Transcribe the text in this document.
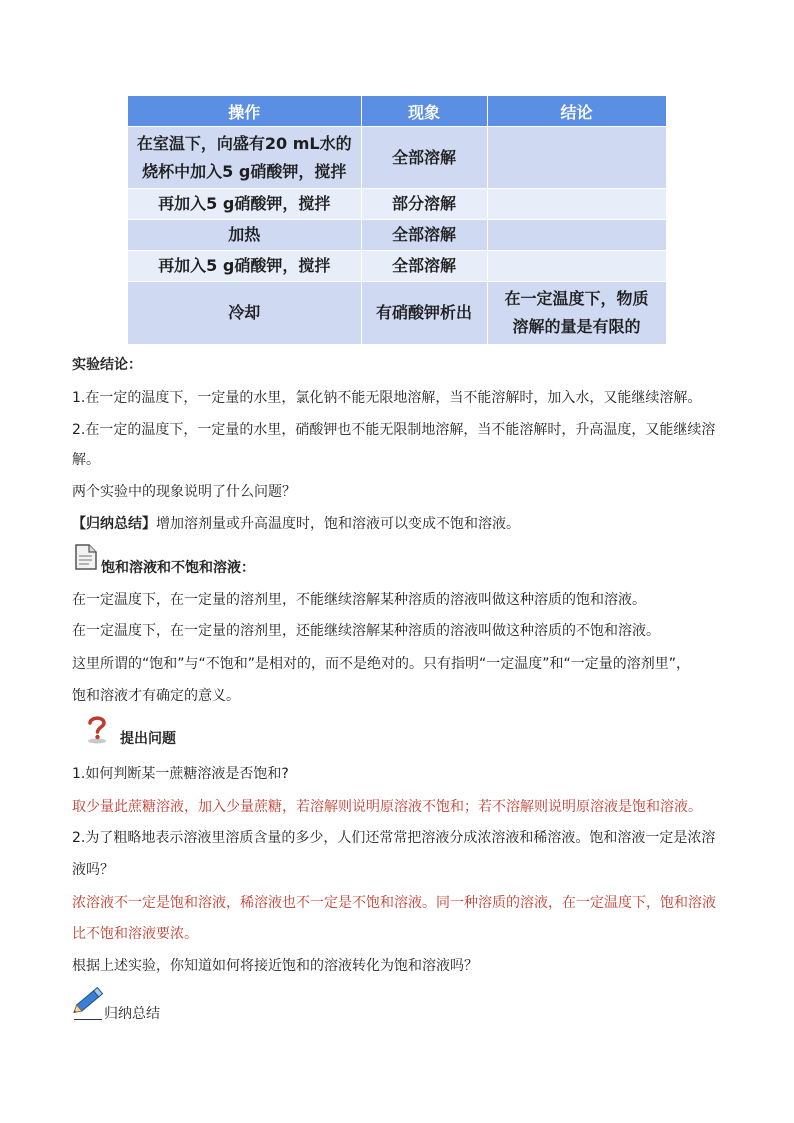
操作	现象	结论
在室温下，向盛有20 mL水的
烧杯中加入5 g硝酸钾，搅拌	全部溶解	
再加入5 g硝酸钾，搅拌	部分溶解	
加热	全部溶解	
再加入5 g硝酸钾，搅拌	全部溶解	
冷却	有硝酸钾析出	在一定温度下，物质
溶解的量是有限的
实验结论：
1.在一定的温度下，一定量的水里，氯化钠不能无限地溶解，当不能溶解时，加入水，又能继续溶解。
2.在一定的温度下，一定量的水里，硝酸钾也不能无限制地溶解，当不能溶解时，升高温度，又能继续溶
解。
两个实验中的现象说明了什么问题？
【归纳总结】增加溶剂量或升高温度时，饱和溶液可以变成不饱和溶液。
饱和溶液和不饱和溶液：
在一定温度下，在一定量的溶剂里，不能继续溶解某种溶质的溶液叫做这种溶质的饱和溶液。
在一定温度下，在一定量的溶剂里，还能继续溶解某种溶质的溶液叫做这种溶质的不饱和溶液。
这里所谓的“饱和”与“不饱和”是相对的，而不是绝对的。只有指明“一定温度”和“一定量的溶剂里”，
饱和溶液才有确定的意义。
提出问题
1.如何判断某一蔗糖溶液是否饱和?
取少量此蔗糖溶液，加入少量蔗糖，若溶解则说明原溶液不饱和；若不溶解则说明原溶液是饱和溶液。
2.为了粗略地表示溶液里溶质含量的多少，人们还常常把溶液分成浓溶液和稀溶液。饱和溶液一定是浓溶
液吗？
浓溶液不一定是饱和溶液，稀溶液也不一定是不饱和溶液。同一种溶质的溶液，在一定温度下，饱和溶液
比不饱和溶液要浓。
根据上述实验，你知道如何将接近饱和的溶液转化为饱和溶液吗？
归纳总结
